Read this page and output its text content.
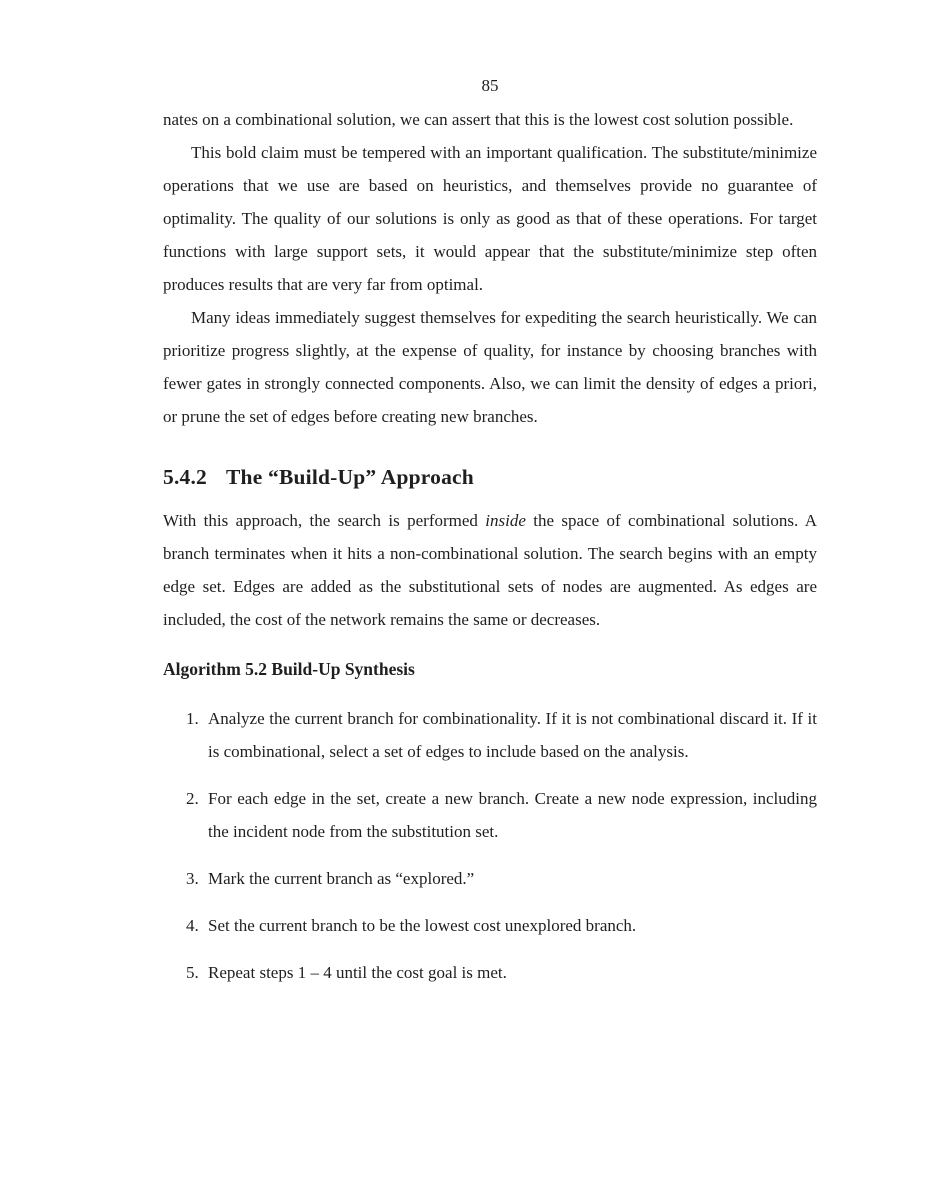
85

nates on a combinational solution, we can assert that this is the lowest cost solution possible.

This bold claim must be tempered with an important qualification. The substitute/minimize operations that we use are based on heuristics, and themselves provide no guarantee of optimality. The quality of our solutions is only as good as that of these operations. For target functions with large support sets, it would appear that the substitute/minimize step often produces results that are very far from optimal.

Many ideas immediately suggest themselves for expediting the search heuristically. We can prioritize progress slightly, at the expense of quality, for instance by choosing branches with fewer gates in strongly connected components. Also, we can limit the density of edges a priori, or prune the set of edges before creating new branches.

5.4.2 The “Build-Up” Approach

With this approach, the search is performed inside the space of combinational solutions. A branch terminates when it hits a non-combinational solution. The search begins with an empty edge set. Edges are added as the substitutional sets of nodes are augmented. As edges are included, the cost of the network remains the same or decreases.

Algorithm 5.2 Build-Up Synthesis
Analyze the current branch for combinationality. If it is not combinational discard it. If it is combinational, select a set of edges to include based on the analysis.
For each edge in the set, create a new branch. Create a new node expression, including the incident node from the substitution set.
Mark the current branch as “explored.”
Set the current branch to be the lowest cost unexplored branch.
Repeat steps 1 – 4 until the cost goal is met.
